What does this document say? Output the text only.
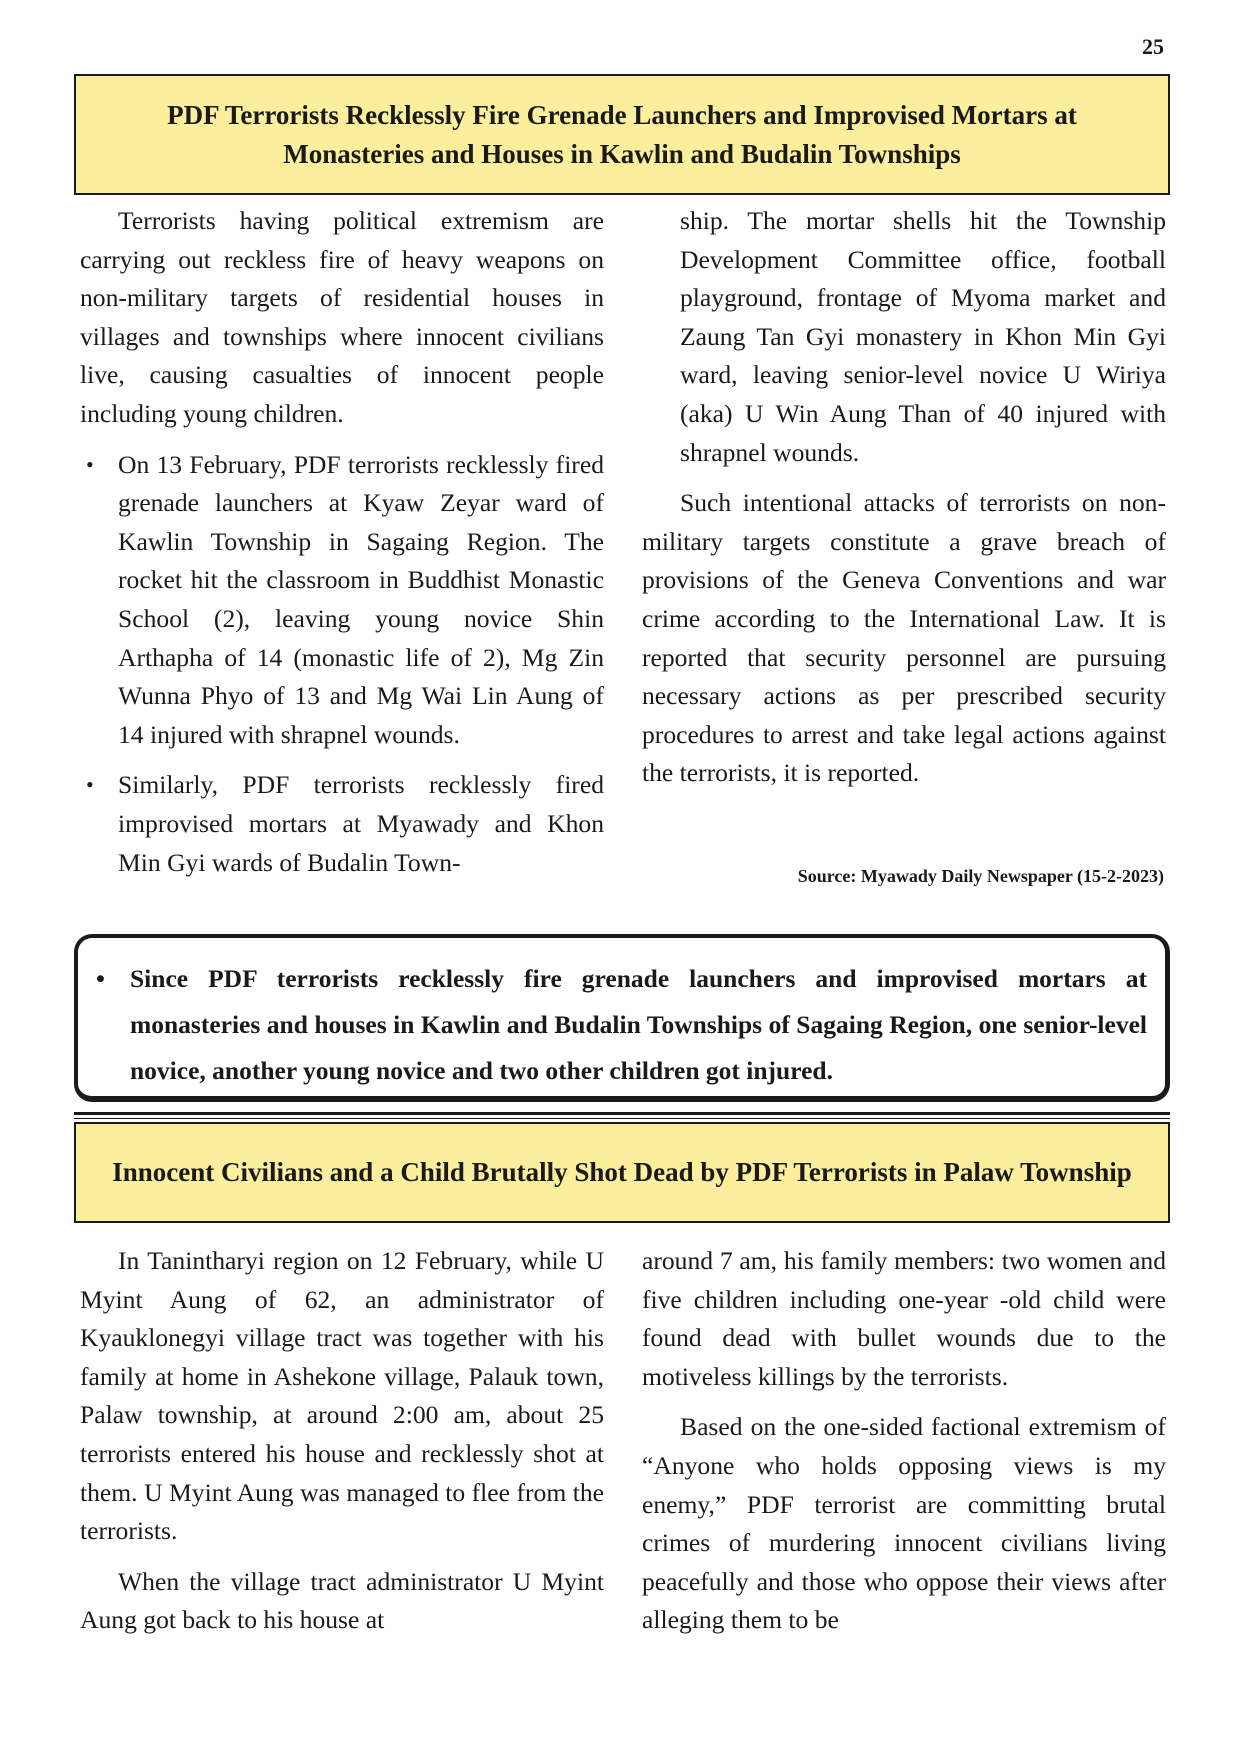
25
PDF Terrorists Recklessly Fire Grenade Launchers and Improvised Mortars at Monasteries and Houses in Kawlin and Budalin Townships

Terrorists having political extremism are carrying out reckless fire of heavy weapons on non-military targets of residential houses in villages and townships where innocent civilians live, causing casualties of innocent people including young children.

• On 13 February, PDF terrorists recklessly fired grenade launchers at Kyaw Zeyar ward of Kawlin Township in Sagaing Region. The rocket hit the classroom in Buddhist Monastic School (2), leaving young novice Shin Arthapha of 14 (monastic life of 2), Mg Zin Wunna Phyo of 13 and Mg Wai Lin Aung of 14 injured with shrapnel wounds.
• Similarly, PDF terrorists recklessly fired improvised mortars at Myawady and Khon Min Gyi wards of Budalin Town-

ship. The mortar shells hit the Township Development Committee office, football playground, frontage of Myoma market and Zaung Tan Gyi monastery in Khon Min Gyi ward, leaving senior-level novice U Wiriya (aka) U Win Aung Than of 40 injured with shrapnel wounds.

Such intentional attacks of terrorists on non-military targets constitute a grave breach of provisions of the Geneva Conventions and war crime according to the International Law. It is reported that security personnel are pursuing necessary actions as per prescribed security procedures to arrest and take legal actions against the terrorists, it is reported.

Source: Myawady Daily Newspaper (15-2-2023)
• Since PDF terrorists recklessly fire grenade launchers and improvised mortars at monasteries and houses in Kawlin and Budalin Townships of Sagaing Region, one senior-level novice, another young novice and two other children got injured.
Innocent Civilians and a Child Brutally Shot Dead by PDF Terrorists in Palaw Township

In Tanintharyi region on 12 February, while U Myint Aung of 62, an administrator of Kyauklonegyi village tract was together with his family at home in Ashekone village, Palauk town, Palaw township, at around 2:00 am, about 25 terrorists entered his house and recklessly shot at them. U Myint Aung was managed to flee from the terrorists.

When the village tract administrator U Myint Aung got back to his house at

around 7 am, his family members: two women and five children including one-year -old child were found dead with bullet wounds due to the motiveless killings by the terrorists.

Based on the one-sided factional extremism of “Anyone who holds opposing views is my enemy,” PDF terrorist are committing brutal crimes of murdering innocent civilians living peacefully and those who oppose their views after alleging them to be
